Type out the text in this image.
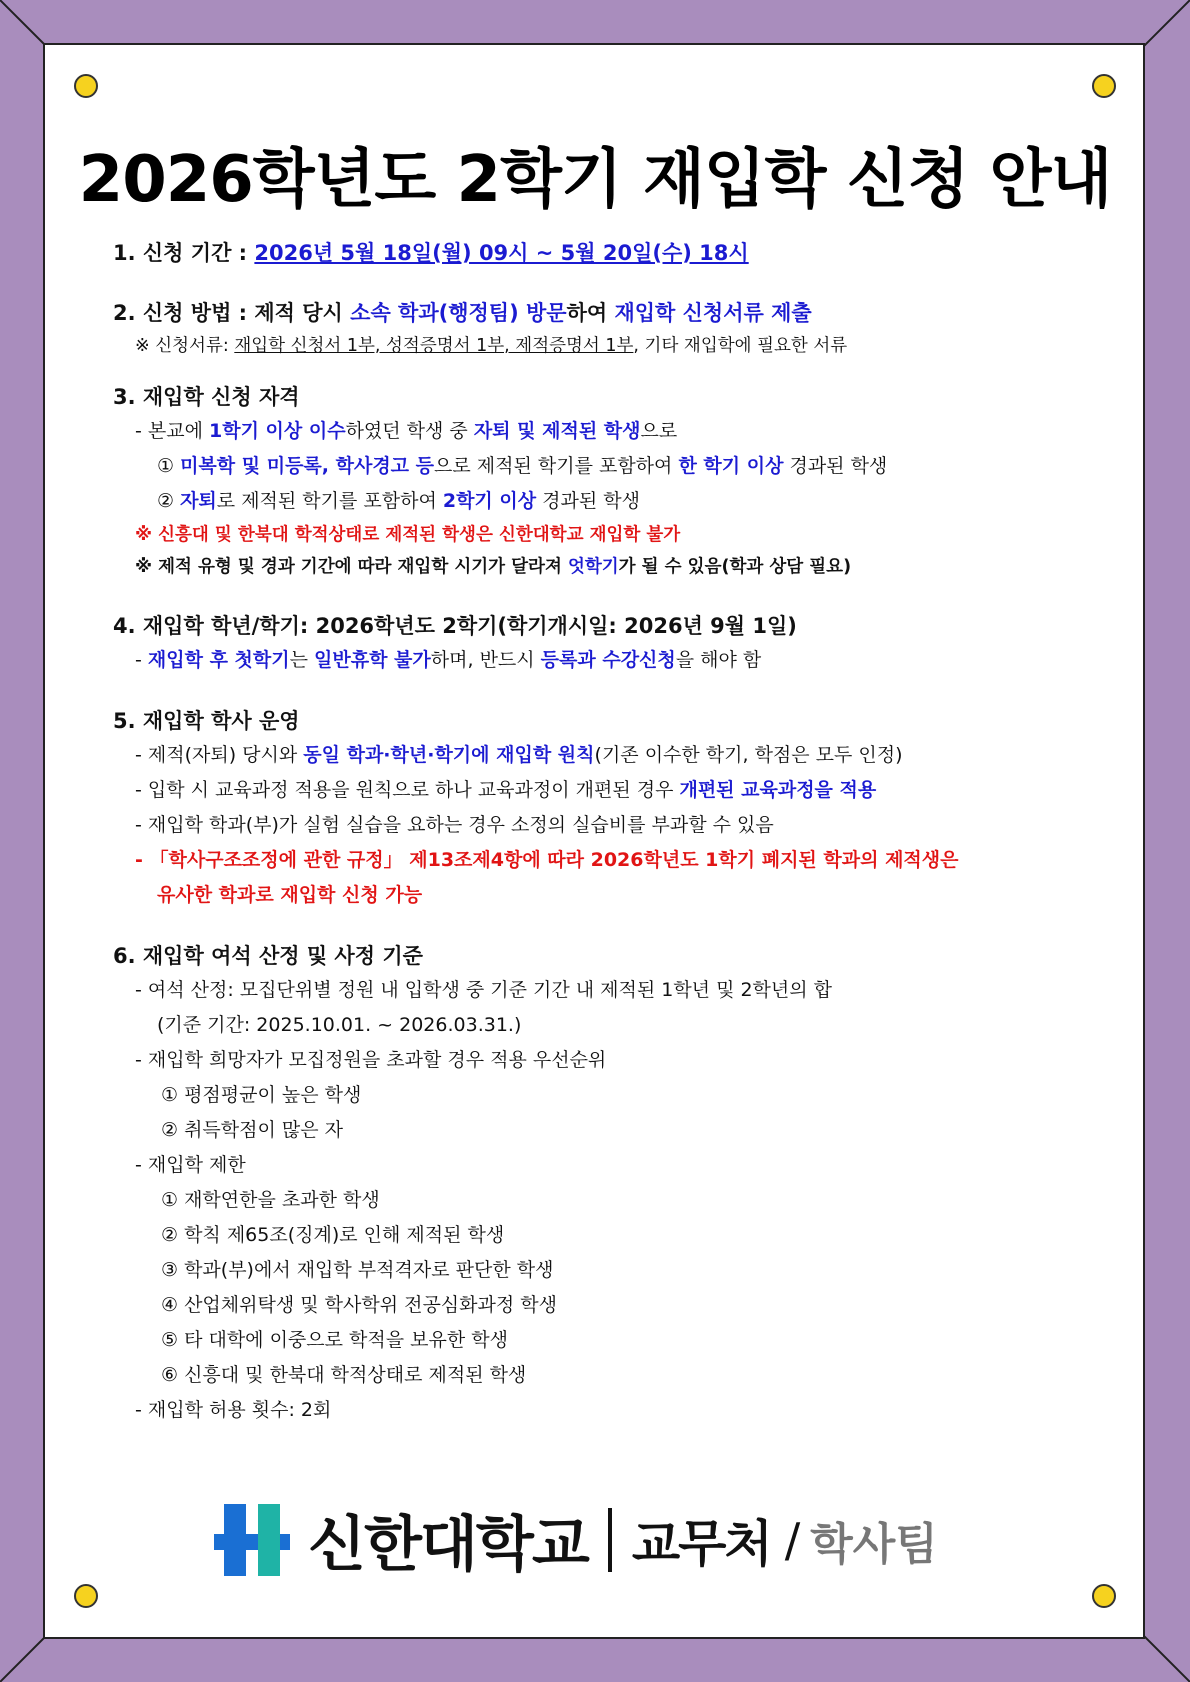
2026학년도 2학기 재입학 신청 안내

1. 신청 기간 : 2026년 5월 18일(월) 09시 ~ 5월 20일(수) 18시

2. 신청 방법 : 제적 당시 소속 학과(행정팀) 방문하여 재입학 신청서류 제출

※ 신청서류: 재입학 신청서 1부, 성적증명서 1부, 제적증명서 1부, 기타 재입학에 필요한 서류

3. 재입학 신청 자격

- 본교에 1학기 이상 이수하였던 학생 중 자퇴 및 제적된 학생으로

① 미복학 및 미등록, 학사경고 등으로 제적된 학기를 포함하여 한 학기 이상 경과된 학생

② 자퇴로 제적된 학기를 포함하여 2학기 이상 경과된 학생

※ 신흥대 및 한북대 학적상태로 제적된 학생은 신한대학교 재입학 불가

※ 제적 유형 및 경과 기간에 따라 재입학 시기가 달라져 엇학기가 될 수 있음(학과 상담 필요)

4. 재입학 학년/학기: 2026학년도 2학기(학기개시일: 2026년 9월 1일)

- 재입학 후 첫학기는 일반휴학 불가하며, 반드시 등록과 수강신청을 해야 함

5. 재입학 학사 운영

- 제적(자퇴) 당시와 동일 학과·학년·학기에 재입학 원칙(기존 이수한 학기, 학점은 모두 인정)

- 입학 시 교육과정 적용을 원칙으로 하나 교육과정이 개편된 경우 개편된 교육과정을 적용

- 재입학 학과(부)가 실험 실습을 요하는 경우 소정의 실습비를 부과할 수 있음

- 「학사구조조정에 관한 규정」 제13조제4항에 따라 2026학년도 1학기 폐지된 학과의 제적생은

유사한 학과로 재입학 신청 가능

6. 재입학 여석 산정 및 사정 기준

- 여석 산정: 모집단위별 정원 내 입학생 중 기준 기간 내 제적된 1학년 및 2학년의 합

(기준 기간: 2025.10.01. ~ 2026.03.31.)

- 재입학 희망자가 모집정원을 초과할 경우 적용 우선순위

① 평점평균이 높은 학생

② 취득학점이 많은 자

- 재입학 제한

① 재학연한을 초과한 학생

② 학칙 제65조(징계)로 인해 제적된 학생

③ 학과(부)에서 재입학 부적격자로 판단한 학생

④ 산업체위탁생 및 학사학위 전공심화과정 학생

⑤ 타 대학에 이중으로 학적을 보유한 학생

⑥ 신흥대 및 한북대 학적상태로 제적된 학생

- 재입학 허용 횟수: 2회

신한대학교 교무처 / 학사팀
